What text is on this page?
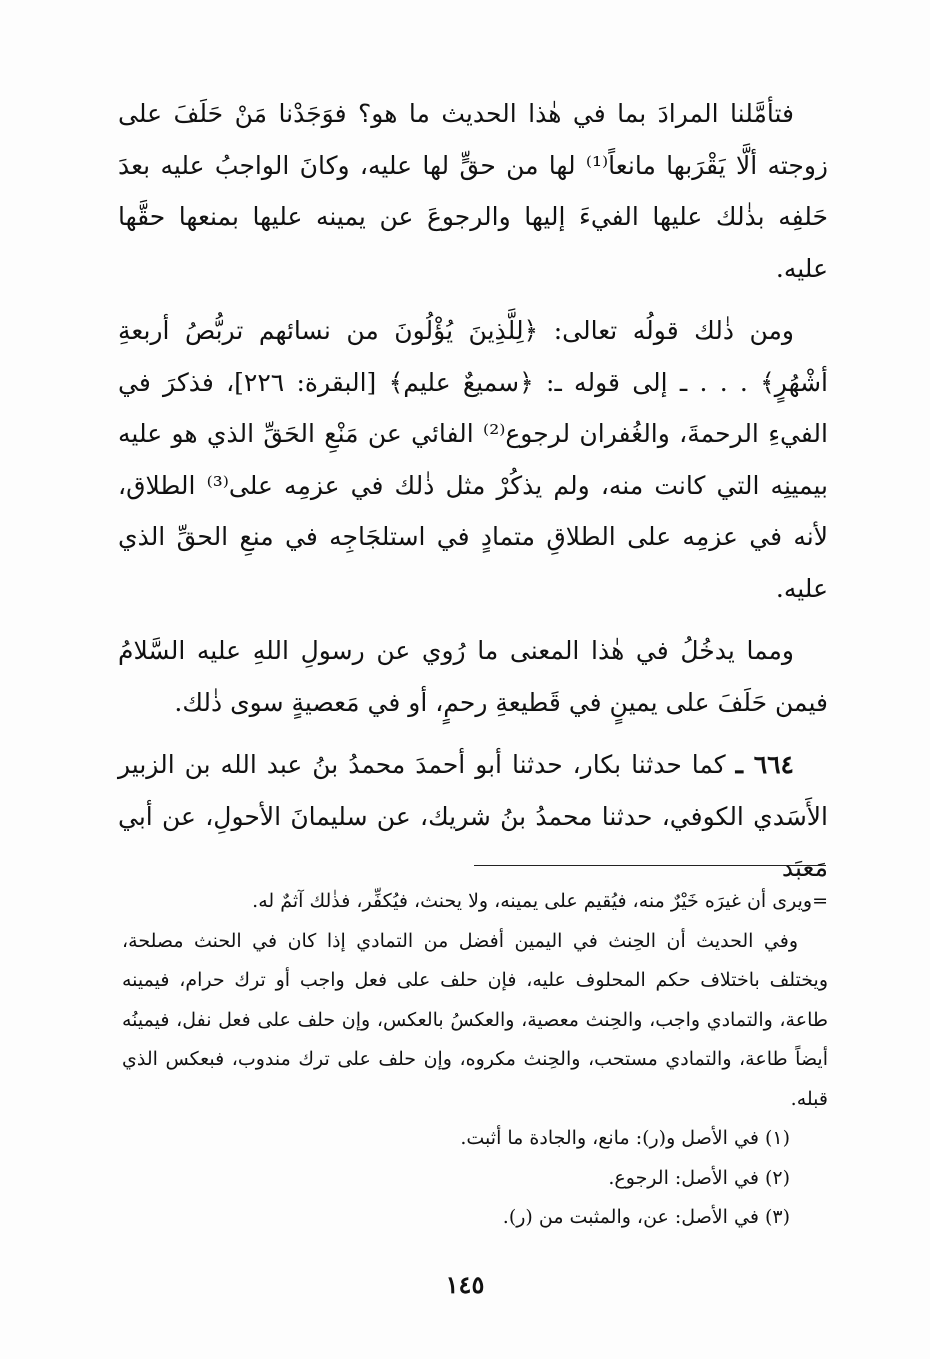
فتأمَّلنا المرادَ بما في هٰذا الحديث ما هو؟ فوَجَدْنا مَنْ حَلَفَ على زوجته ألَّا يَقْرَبها مانعاً⁽¹⁾ لها من حقٍّ لها عليه، وكانَ الواجبُ عليه بعدَ حَلفِه بذٰلك عليها الفيءَ إليها والرجوعَ عن يمينه عليها بمنعها حقَّها عليه.

ومن ذٰلك قولُه تعالى: ﴿لِلَّذِينَ يُؤْلُونَ من نسائهم تربُّصُ أربعةِ أشْهُرٍ﴾ . . . ـ إلى قوله ـ: ﴿سميعٌ عليم﴾ [البقرة: ٢٢٦]، فذكرَ في الفيءِ الرحمةَ، والغُفران لرجوع⁽²⁾ الفائي عن مَنْعِ الحَقِّ الذي هو عليه بيمينِه التي كانت منه، ولم يذكُرْ مثل ذٰلك في عزمِه على⁽³⁾ الطلاق، لأنه في عزمِه على الطلاقِ متمادٍ في استلجَاجِه في منعِ الحقِّ الذي عليه.

ومما يدخُلُ في هٰذا المعنى ما رُوي عن رسولِ اللهِ عليه السَّلامُ فيمن حَلَفَ على يمينٍ في قَطيعةِ رحمٍ، أو في مَعصيةٍ سوى ذٰلك.

٦٦٤ ـ كما حدثنا بكار، حدثنا أبو أحمدَ محمدُ بنُ عبد الله بن الزبير الأَسَدي الكوفي، حدثنا محمدُ بنُ شريك، عن سليمانَ الأحولِ، عن أبي مَعبَد

=ويرى أن غيرَه خَيْرٌ منه، فيُقيم على يمينه، ولا يحنث، فيُكفِّر، فذٰلك آثمٌ له.

وفي الحديث أن الحِنث في اليمين أفضل من التمادي إذا كان في الحنث مصلحة، ويختلف باختلاف حكم المحلوف عليه، فإن حلف على فعل واجب أو ترك حرام، فيمينه طاعة، والتمادي واجب، والحِنث معصية، والعكسُ بالعكس، وإن حلف على فعل نفل، فيمينُه أيضاً طاعة، والتمادي مستحب، والحِنث مكروه، وإن حلف على ترك مندوب، فبعكس الذي قبله.

(١) في الأصل و(ر): مانع، والجادة ما أثبت.

(٢) في الأصل: الرجوع.

(٣) في الأصل: عن، والمثبت من (ر).

١٤٥
